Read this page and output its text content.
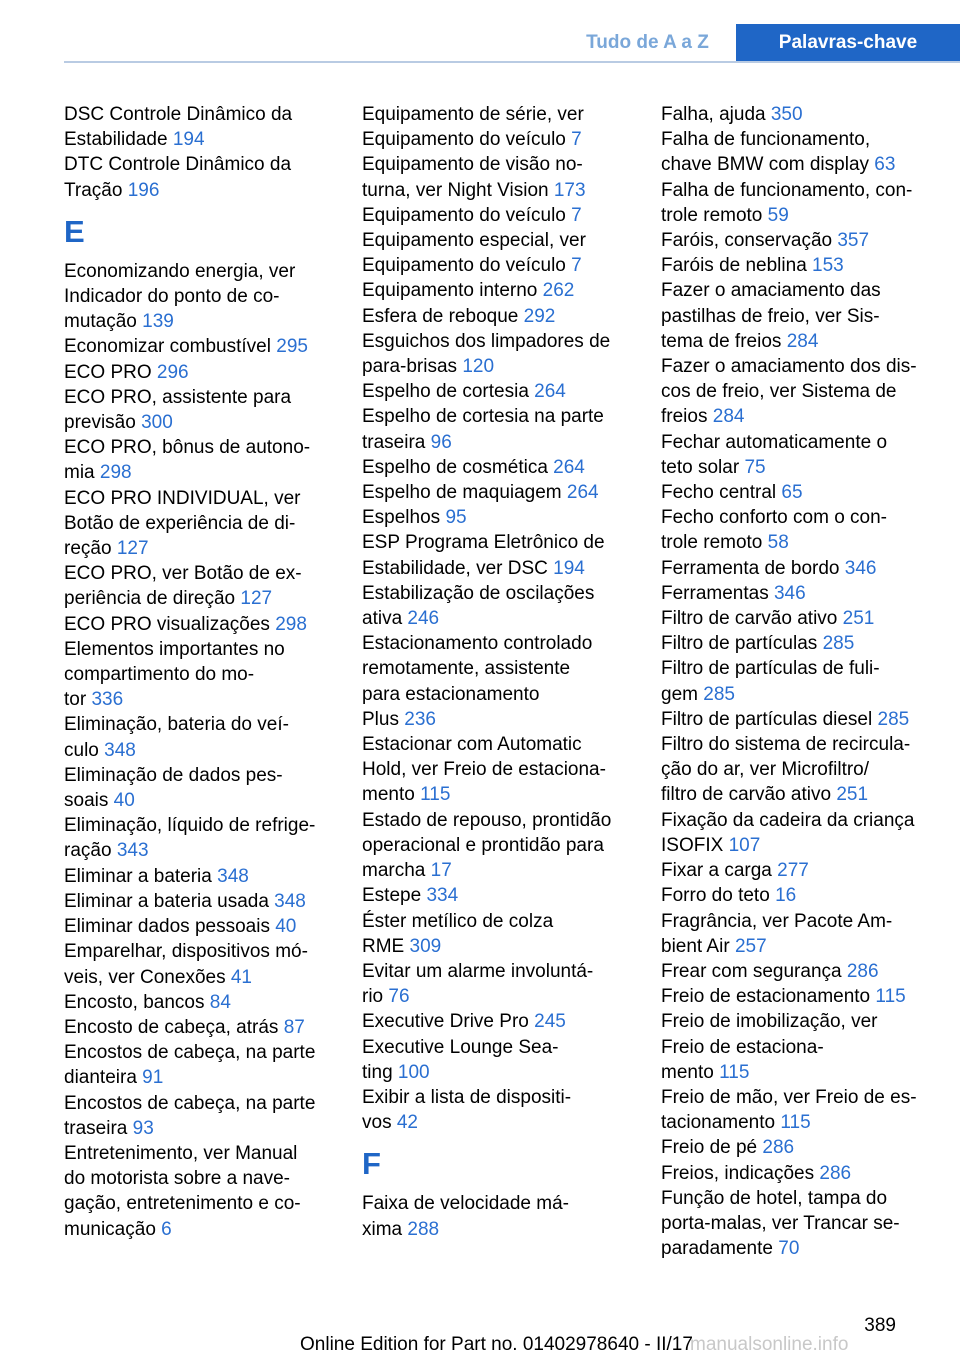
Tudo de A a Z	Palavras-chave
DSC Controle Dinâmico da
Estabilidade 194
DTC Controle Dinâmico da
Tração 196
E
Economizando energia, ver
Indicador do ponto de co-
mutação 139
Economizar combustível 295
ECO PRO 296
ECO PRO, assistente para
previsão 300
ECO PRO, bônus de autono-
mia 298
ECO PRO INDIVIDUAL, ver
Botão de experiência de di-
reção 127
ECO PRO, ver Botão de ex-
periência de direção 127
ECO PRO visualizações 298
Elementos importantes no
compartimento do mo-
tor 336
Eliminação, bateria do veí-
culo 348
Eliminação de dados pes-
soais 40
Eliminação, líquido de refrige-
ração 343
Eliminar a bateria 348
Eliminar a bateria usada 348
Eliminar dados pessoais 40
Emparelhar, dispositivos mó-
veis, ver Conexões 41
Encosto, bancos 84
Encosto de cabeça, atrás 87
Encostos de cabeça, na parte
dianteira 91
Encostos de cabeça, na parte
traseira 93
Entretenimento, ver Manual
do motorista sobre a nave-
gação, entretenimento e co-
municação 6
Equipamento de série, ver
Equipamento do veículo 7
Equipamento de visão no-
turna, ver Night Vision 173
Equipamento do veículo 7
Equipamento especial, ver
Equipamento do veículo 7
Equipamento interno 262
Esfera de reboque 292
Esguichos dos limpadores de
para-brisas 120
Espelho de cortesia 264
Espelho de cortesia na parte
traseira 96
Espelho de cosmética 264
Espelho de maquiagem 264
Espelhos 95
ESP Programa Eletrônico de
Estabilidade, ver DSC 194
Estabilização de oscilações
ativa 246
Estacionamento controlado
remotamente, assistente
para estacionamento
Plus 236
Estacionar com Automatic
Hold, ver Freio de estaciona-
mento 115
Estado de repouso, prontidão
operacional e prontidão para
marcha 17
Estepe 334
Éster metílico de colza
RME 309
Evitar um alarme involuntá-
rio 76
Executive Drive Pro 245
Executive Lounge Sea-
ting 100
Exibir a lista de dispositi-
vos 42
F
Faixa de velocidade má-
xima 288
Falha, ajuda 350
Falha de funcionamento,
chave BMW com display 63
Falha de funcionamento, con-
trole remoto 59
Faróis, conservação 357
Faróis de neblina 153
Fazer o amaciamento das
pastilhas de freio, ver Sis-
tema de freios 284
Fazer o amaciamento dos dis-
cos de freio, ver Sistema de
freios 284
Fechar automaticamente o
teto solar 75
Fecho central 65
Fecho conforto com o con-
trole remoto 58
Ferramenta de bordo 346
Ferramentas 346
Filtro de carvão ativo 251
Filtro de partículas 285
Filtro de partículas de fuli-
gem 285
Filtro de partículas diesel 285
Filtro do sistema de recircula-
ção do ar, ver Microfiltro/
filtro de carvão ativo 251
Fixação da cadeira da criança
ISOFIX 107
Fixar a carga 277
Forro do teto 16
Fragrância, ver Pacote Am-
bient Air 257
Frear com segurança 286
Freio de estacionamento 115
Freio de imobilização, ver
Freio de estaciona-
mento 115
Freio de mão, ver Freio de es-
tacionamento 115
Freio de pé 286
Freios, indicações 286
Função de hotel, tampa do
porta-malas, ver Trancar se-
paradamente 70
389
Online Edition for Part no. 01402978640 - II/17
manualsonline.info
